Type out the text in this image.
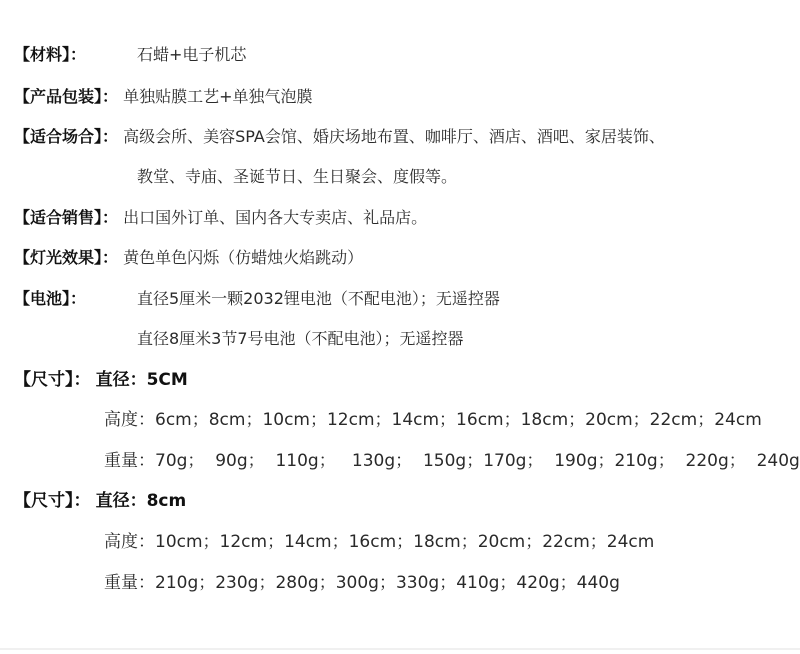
【材料】：	石蜡+电子机芯
【产品包装】： 单独贴膜工艺+单独气泡膜
【适合场合】： 高级会所、美容SPA会馆、婚庆场地布置、咖啡厅、酒店、酒吧、家居装饰、
教堂、寺庙、圣诞节日、生日聚会、度假等。
【适合销售】： 出口国外订单、国内各大专卖店、礼品店。
【灯光效果】： 黄色单色闪烁（仿蜡烛火焰跳动）
【电池】：	直径5厘米一颗2032锂电池（不配电池）；无遥控器
直径8厘米3节7号电池（不配电池）；无遥控器
【尺寸】： 直径：5CM
高度：6cm；8cm；10cm；12cm；14cm；16cm；18cm；20cm；22cm；24cm
重量：70g；  90g；  110g；   130g；  150g；170g；  190g；210g；  220g；  240g
【尺寸】： 直径：8cm
高度：10cm；12cm；14cm；16cm；18cm；20cm；22cm；24cm
重量：210g；230g；280g；300g；330g；410g；420g；440g
